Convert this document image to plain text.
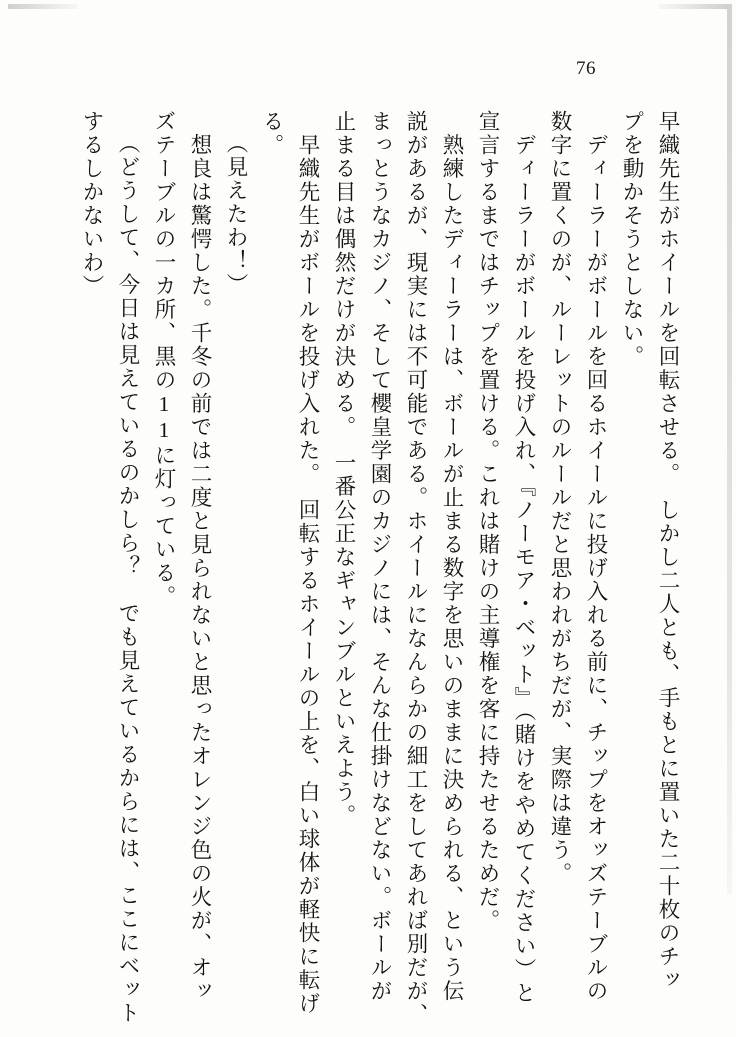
76
早織先生がホイールを回転させる。　しかし二人とも、手もとに置いた二十枚のチッ
プを動かそうとしない。
　ディーラーがボールを回るホイールに投げ入れる前に、チップをオッズテーブルの
数字に置くのが、ルーレットのルールだと思われがちだが、実際は違う。
　ディーラーがボールを投げ入れ、『ノーモア・ベット』（賭けをやめてください）と
宣言するまではチップを置ける。これは賭けの主導権を客に持たせるためだ。
　熟練したディーラーは、ボールが止まる数字を思いのままに決められる、という伝
説があるが、現実には不可能である。ホイールになんらかの細工をしてあれば別だが、
まっとうなカジノ、そして櫻皇学園のカジノには、そんな仕掛けなどない。ボールが
止まる目は偶然だけが決める。　一番公正なギャンブルといえよう。
　早織先生がボールを投げ入れた。　回転するホイールの上を、白い球体が軽快に転げ
る。
（見えたわ！）
　想良は驚愕した。千冬の前では二度と見られないと思ったオレンジ色の火が、オッ
ズテーブルの一カ所、黒の11に灯っている。
（どうして、今日は見えているのかしら？　でも見えているからには、ここにベット
するしかないわ）
